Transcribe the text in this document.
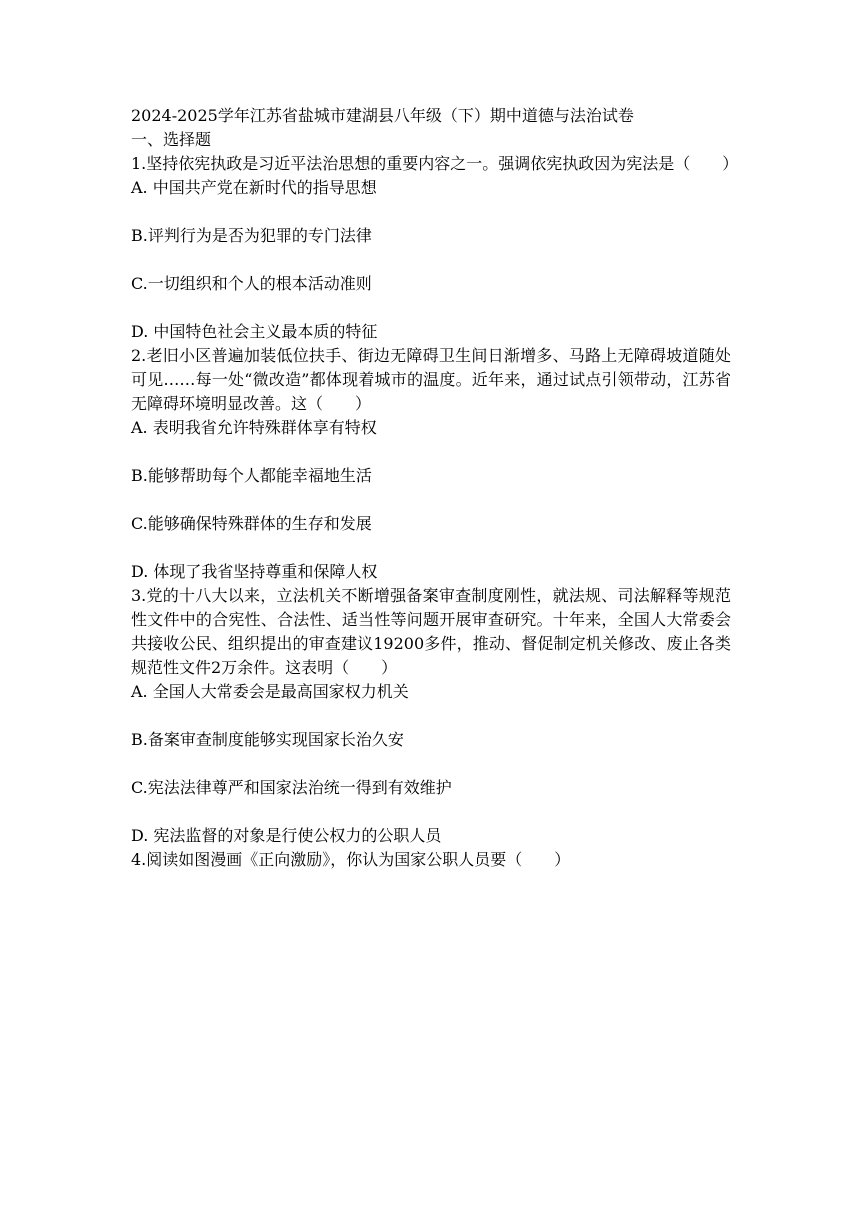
2024-2025学年江苏省盐城市建湖县八年级（下）期中道德与法治试卷
一、选择题
1.坚持依宪执政是习近平法治思想的重要内容之一。强调依宪执政因为宪法是（　　）
A. 中国共产党在新时代的指导思想
B.评判行为是否为犯罪的专门法律
C.一切组织和个人的根本活动准则
D. 中国特色社会主义最本质的特征
2.老旧小区普遍加装低位扶手、街边无障碍卫生间日渐增多、马路上无障碍坡道随处可见……每一处“微改造”都体现着城市的温度。近年来，通过试点引领带动，江苏省无障碍环境明显改善。这（　　）
A. 表明我省允许特殊群体享有特权
B.能够帮助每个人都能幸福地生活
C.能够确保特殊群体的生存和发展
D. 体现了我省坚持尊重和保障人权
3.党的十八大以来，立法机关不断增强备案审查制度刚性，就法规、司法解释等规范性文件中的合宪性、合法性、适当性等问题开展审查研究。十年来，全国人大常委会共接收公民、组织提出的审查建议19200多件，推动、督促制定机关修改、废止各类规范性文件2万余件。这表明（　　）
A. 全国人大常委会是最高国家权力机关
B.备案审查制度能够实现国家长治久安
C.宪法法律尊严和国家法治统一得到有效维护
D. 宪法监督的对象是行使公权力的公职人员
4.阅读如图漫画《正向激励》，你认为国家公职人员要（　　）
